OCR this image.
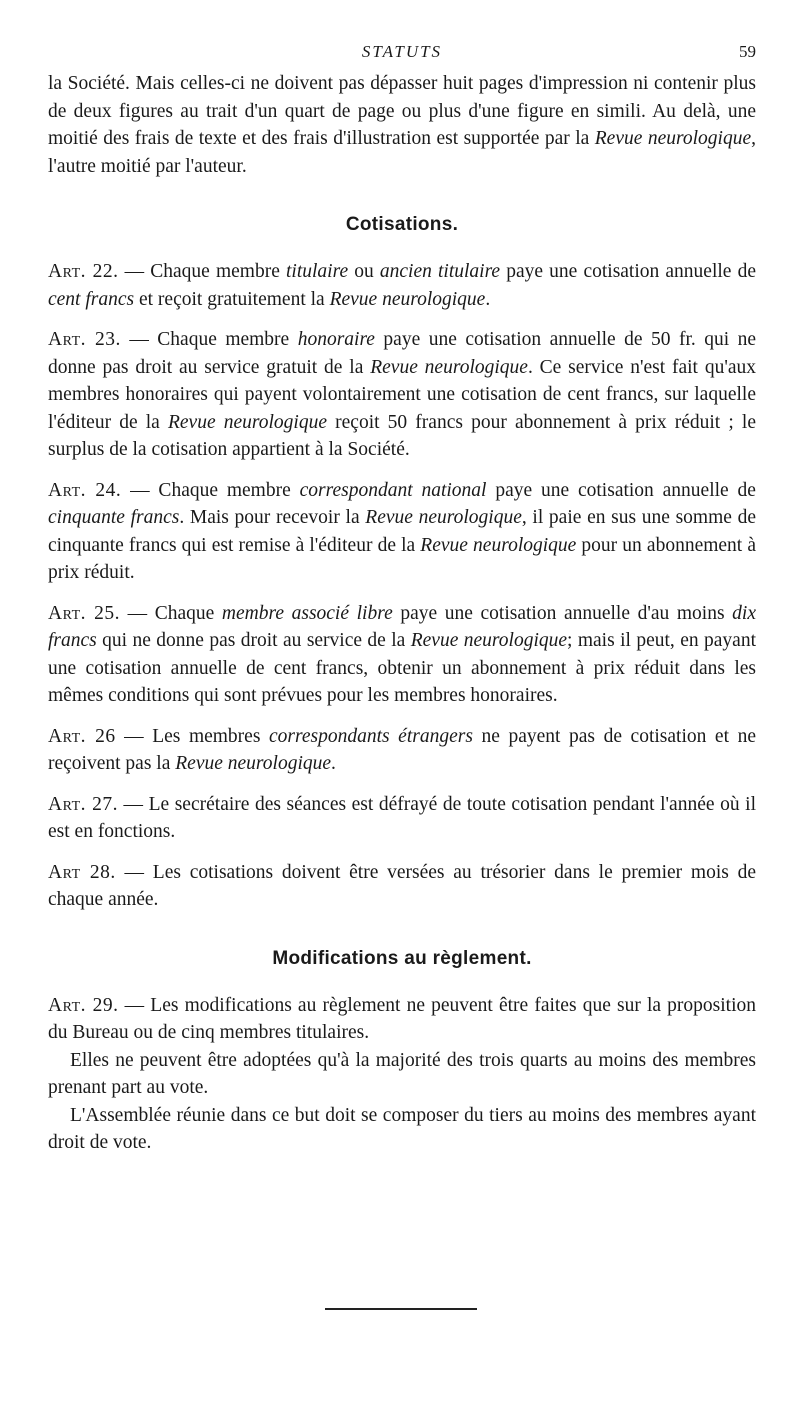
STATUTS	59

la Société. Mais celles-ci ne doivent pas dépasser huit pages d'impression ni contenir plus de deux figures au trait d'un quart de page ou plus d'une figure en simili. Au delà, une moitié des frais de texte et des frais d'illustration est supportée par la Revue neurologique, l'autre moitié par l'auteur.

Cotisations.

Art. 22. — Chaque membre titulaire ou ancien titulaire paye une cotisation annuelle de cent francs et reçoit gratuitement la Revue neurologique.

Art. 23. — Chaque membre honoraire paye une cotisation annuelle de 50 fr. qui ne donne pas droit au service gratuit de la Revue neurologique. Ce service n'est fait qu'aux membres honoraires qui payent volontairement une cotisation de cent francs, sur laquelle l'éditeur de la Revue neurologique reçoit 50 francs pour abonnement à prix réduit ; le surplus de la cotisation appartient à la Société.

Art. 24. — Chaque membre correspondant national paye une cotisation annuelle de cinquante francs. Mais pour recevoir la Revue neurologique, il paie en sus une somme de cinquante francs qui est remise à l'éditeur de la Revue neurologique pour un abonnement à prix réduit.

Art. 25. — Chaque membre associé libre paye une cotisation annuelle d'au moins dix francs qui ne donne pas droit au service de la Revue neurologique; mais il peut, en payant une cotisation annuelle de cent francs, obtenir un abonnement à prix réduit dans les mêmes conditions qui sont prévues pour les membres honoraires.

Art. 26 — Les membres correspondants étrangers ne payent pas de cotisation et ne reçoivent pas la Revue neurologique.

Art. 27. — Le secrétaire des séances est défrayé de toute cotisation pendant l'année où il est en fonctions.

Art 28. — Les cotisations doivent être versées au trésorier dans le premier mois de chaque année.

Modifications au règlement.

Art. 29. — Les modifications au règlement ne peuvent être faites que sur la proposition du Bureau ou de cinq membres titulaires.

Elles ne peuvent être adoptées qu'à la majorité des trois quarts au moins des membres prenant part au vote.

L'Assemblée réunie dans ce but doit se composer du tiers au moins des membres ayant droit de vote.
